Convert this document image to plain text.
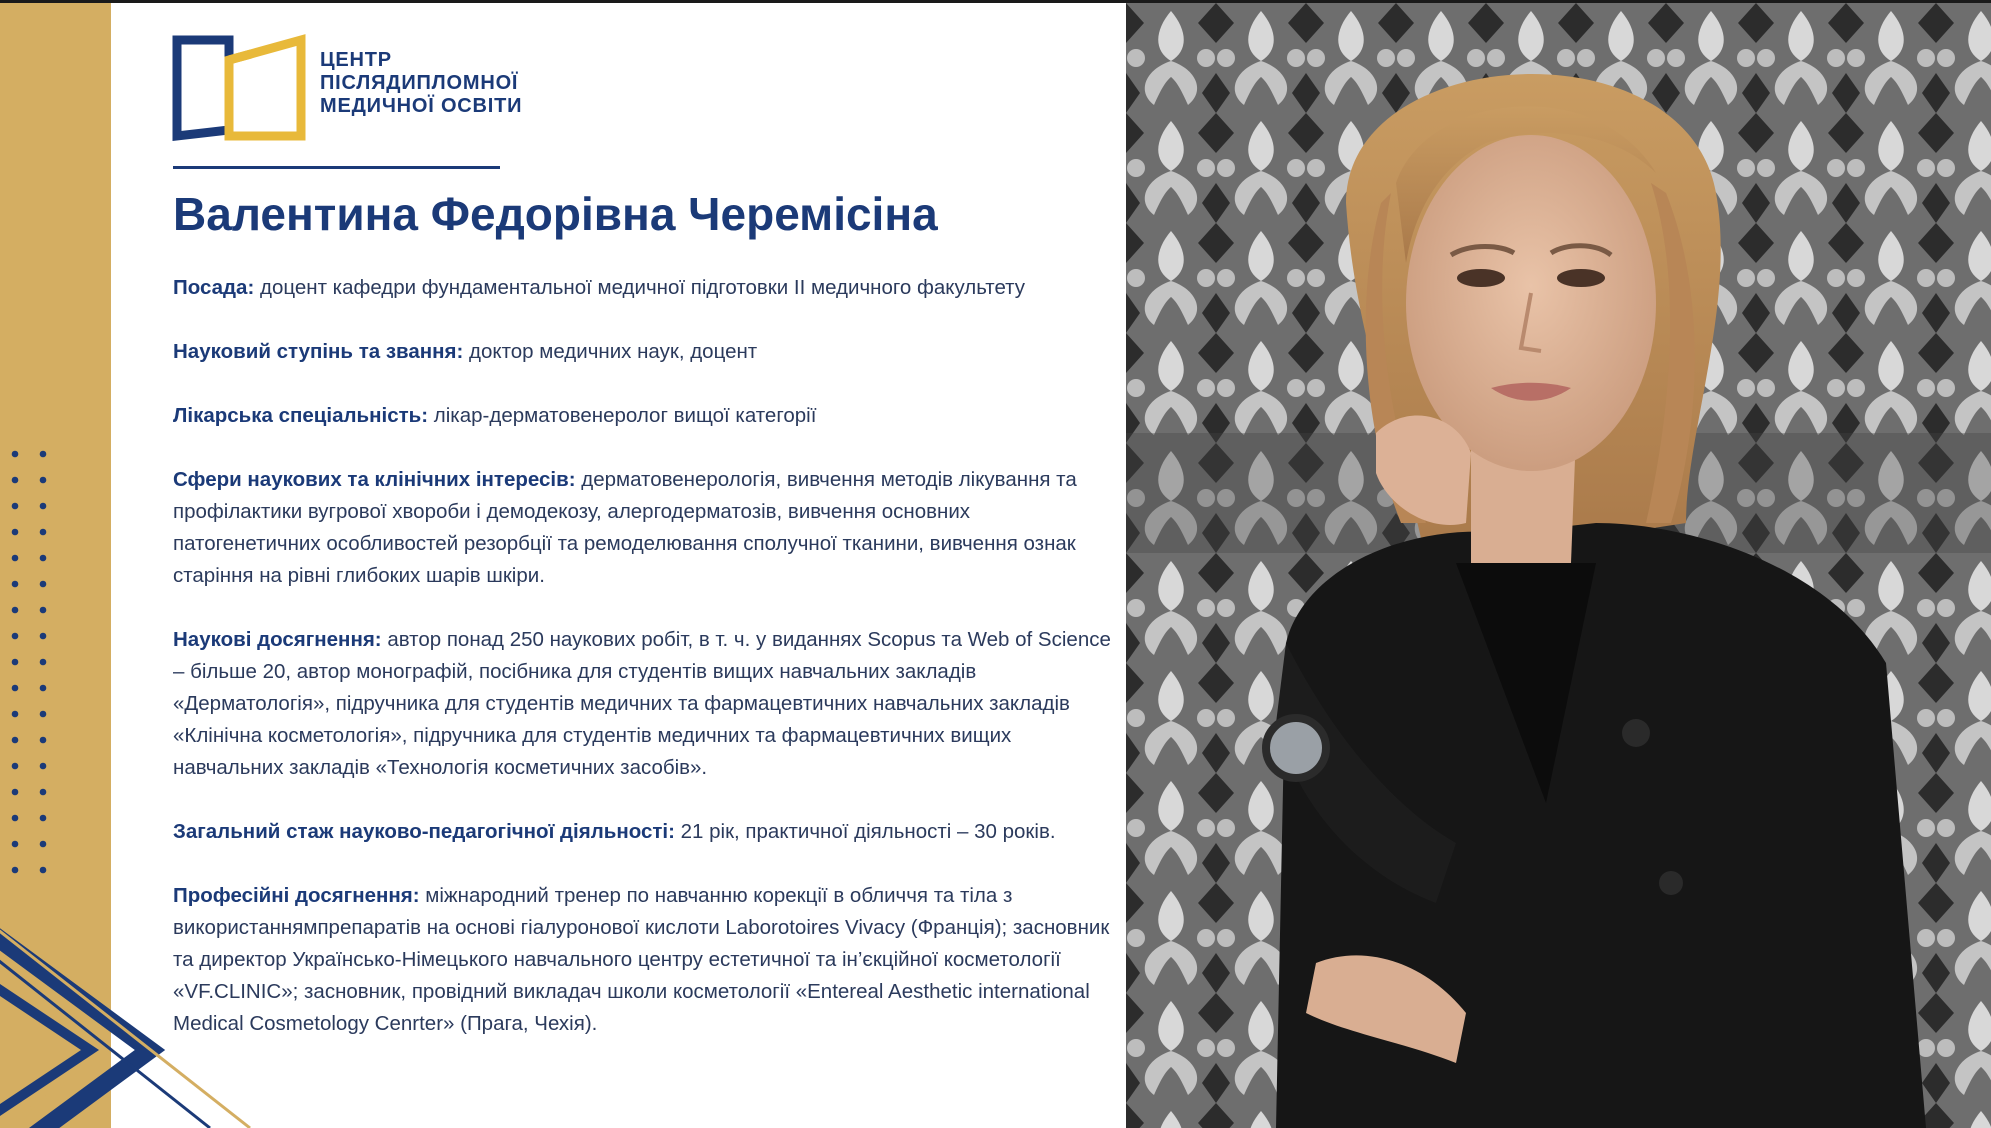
ЦЕНТР
ПІСЛЯДИПЛОМНОЇ
МЕДИЧНОЇ ОСВІТИ
Валентина Федорівна Черемісіна

Посада: доцент кафедри фундаментальної медичної підготовки ІІ медичного факультету

Науковий ступінь та звання: доктор медичних наук, доцент

Лікарська спеціальність: лікар-дерматовенеролог вищої категорії

Сфери наукових та клінічних інтересів: дерматовенерологія, вивчення методів лікування та профілактики вугрової хвороби і демодекозу, алергодерматозів, вивчення основних патогенетичних особливостей резорбції та ремоделювання сполучної тканини, вивчення ознак старіння на рівні глибоких шарів шкіри.

Наукові досягнення: автор понад 250 наукових робіт, в т. ч. у виданнях Scopus та Web of Science – більше 20, автор монографій, посібника для студентів вищих навчальних закладів «Дерматологія», підручника для студентів медичних та фармацевтичних навчальних закладів «Клінічна косметологія», підручника для студентів медичних та фармацевтичних вищих навчальних закладів «Технологія косметичних засобів».

Загальний стаж науково-педагогічної діяльності: 21 рік, практичної діяльності – 30 років.

Професійні досягнення: міжнародний тренер по навчанню корекції в обличчя та тіла з використаннямпрепаратів на основі гіалуронової кислоти Laborotoires Vivacy (Франція); засновник та директор Українсько-Німецького навчального центру естетичної та ін’єкційної косметології «VF.CLINIC»; засновник, провідний викладач школи косметології «Entereal Aesthetic international Medical Cosmetology Cenrter» (Прага, Чехія).
